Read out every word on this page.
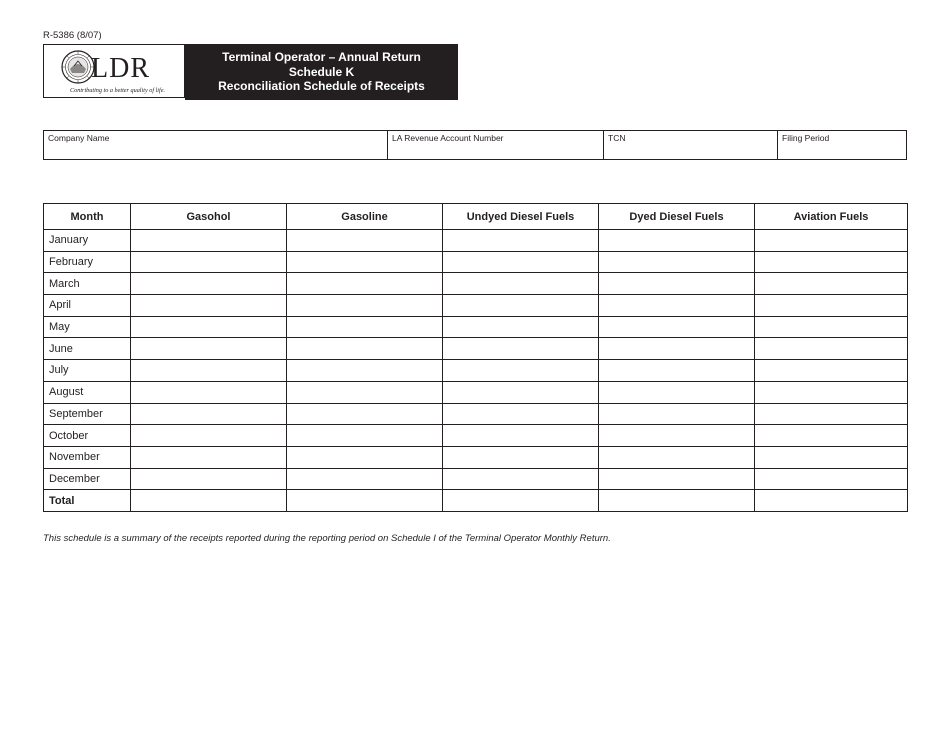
R-5386 (8/07)
LDR
Contributing to a better quality of life.
Terminal Operator – Annual Return
Schedule K
Reconciliation Schedule of Receipts
Company Name	LA Revenue Account Number	TCN	Filing Period
Month	Gasohol	Gasoline	Undyed Diesel Fuels	Dyed Diesel Fuels	Aviation Fuels
January					
February					
March					
April					
May					
June					
July					
August					
September					
October					
November					
December					
Total					
This schedule is a summary of the receipts reported during the reporting period on Schedule I of the Terminal Operator Monthly Return.
